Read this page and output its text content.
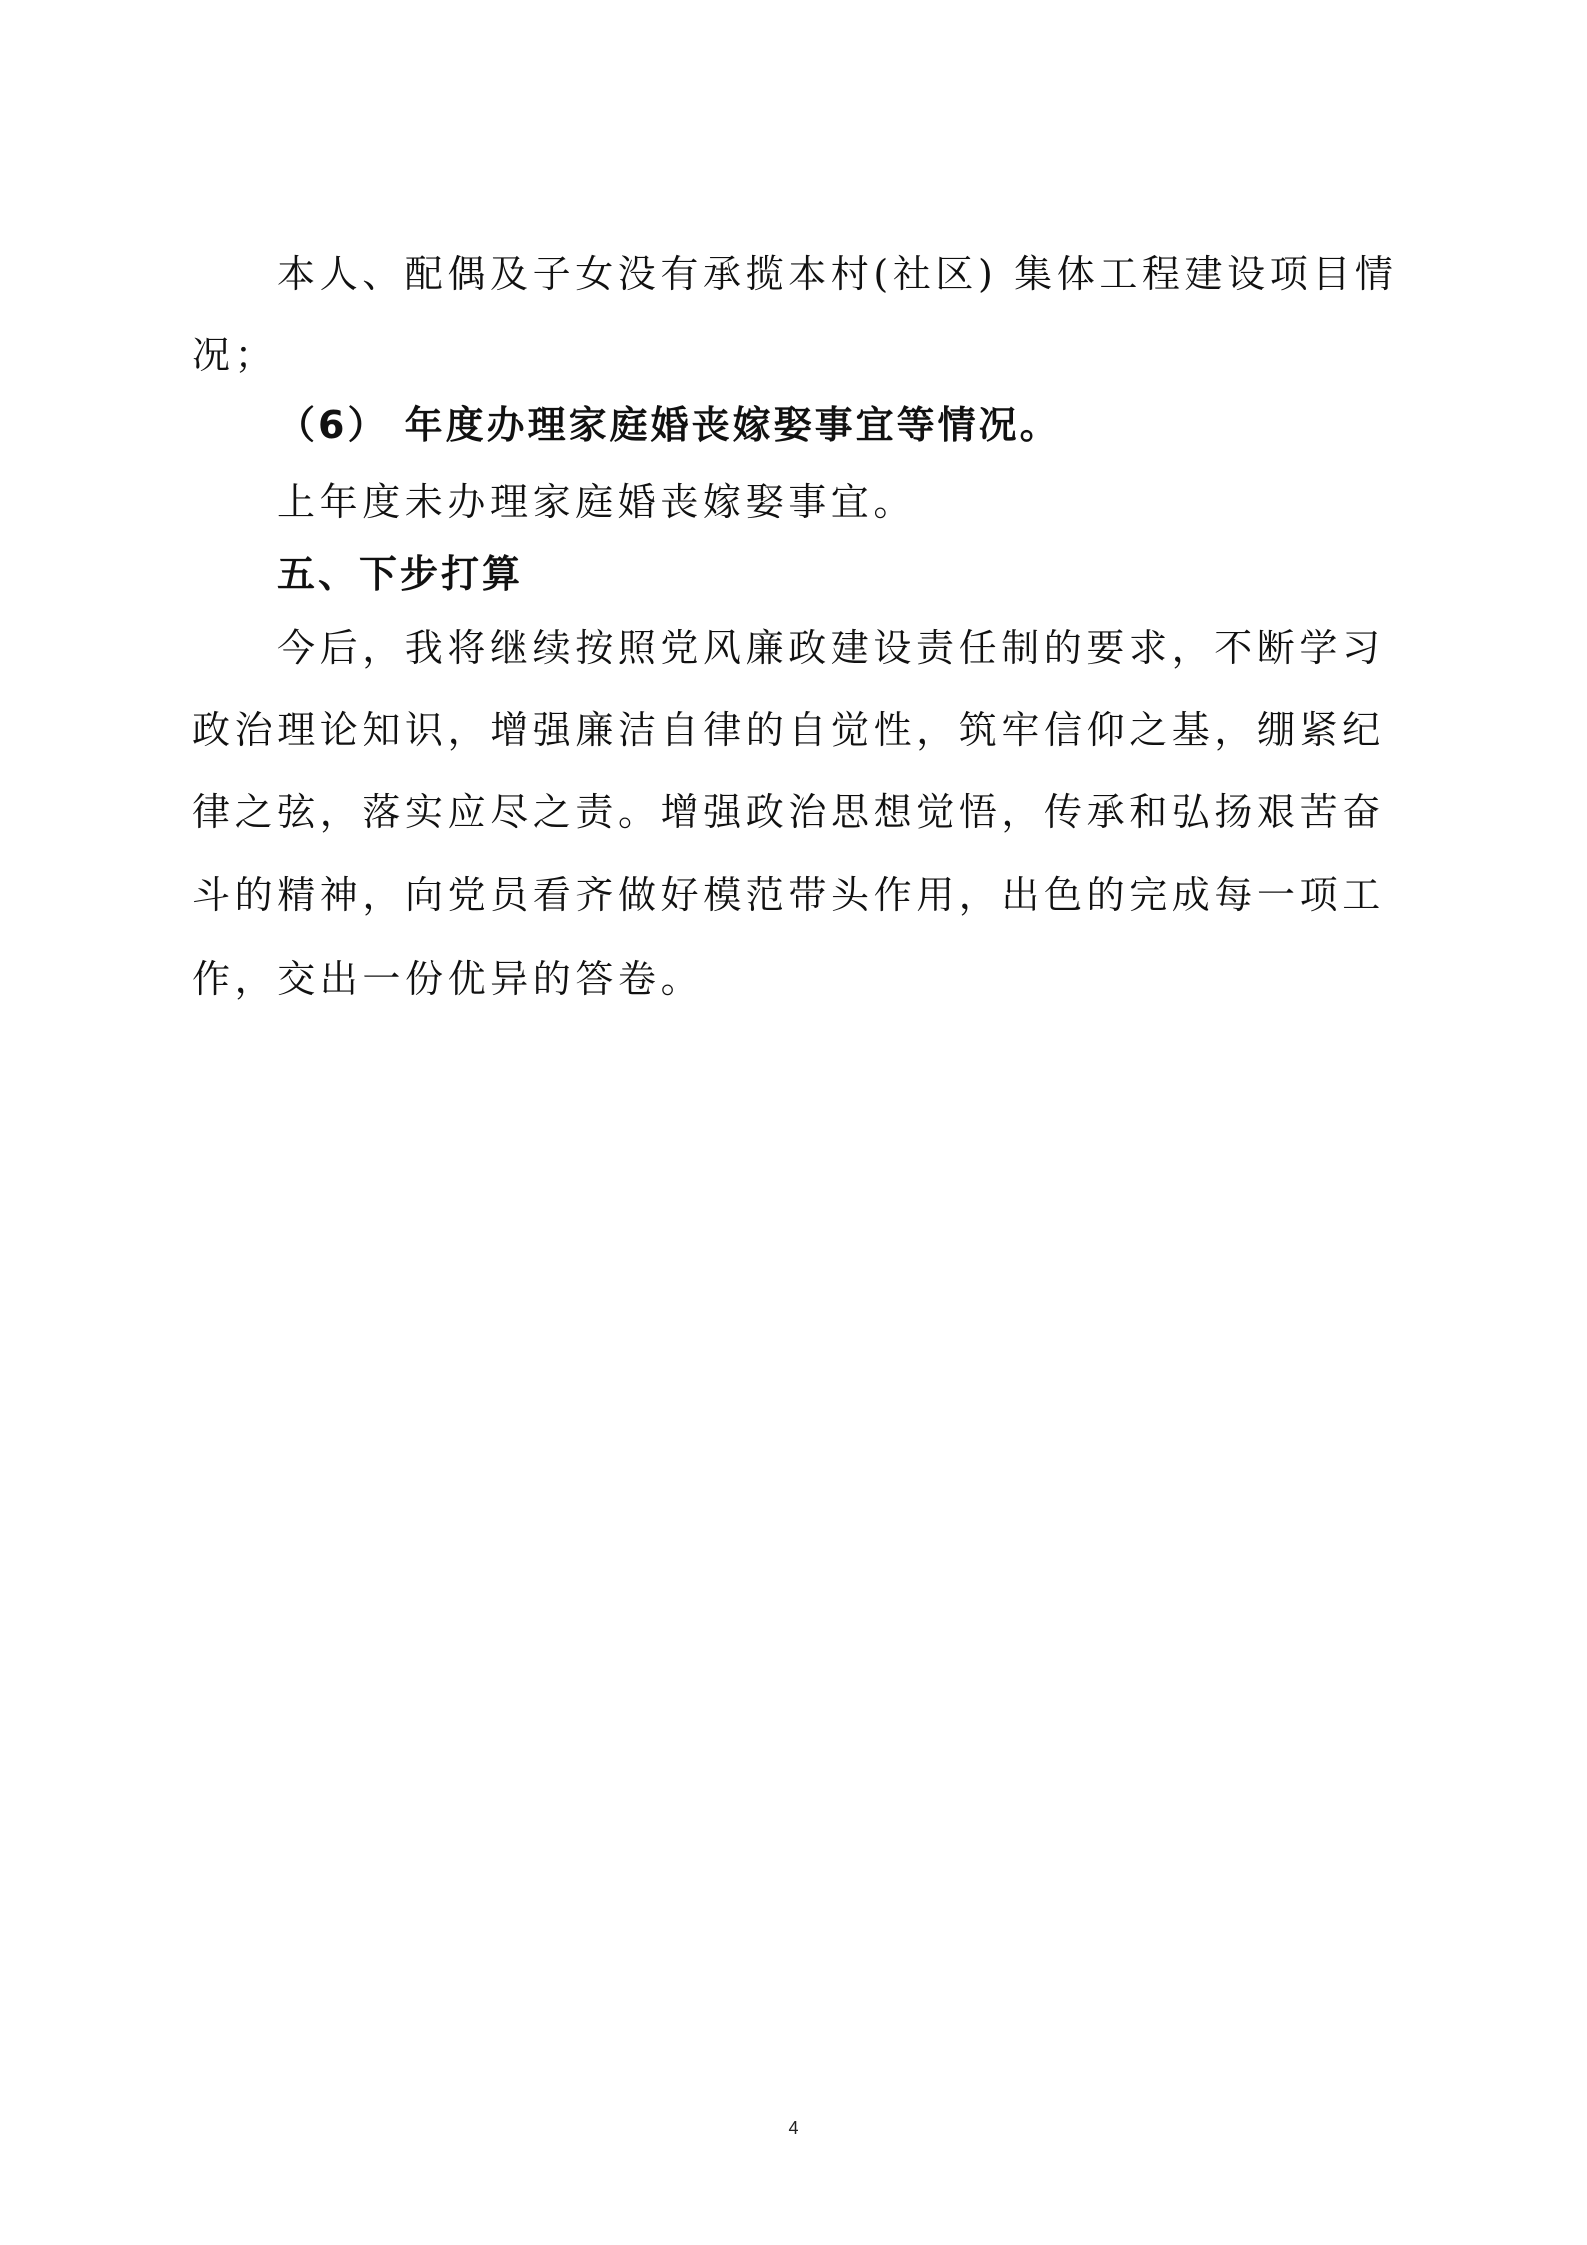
本人、配偶及子女没有承揽本村(社区) 集体工程建设项目情

况；

（6） 年度办理家庭婚丧嫁娶事宜等情况。

上年度未办理家庭婚丧嫁娶事宜。

五、下步打算

今后，我将继续按照党风廉政建设责任制的要求，不断学习

政治理论知识，增强廉洁自律的自觉性，筑牢信仰之基，绷紧纪

律之弦，落实应尽之责。增强政治思想觉悟，传承和弘扬艰苦奋

斗的精神，向党员看齐做好模范带头作用，出色的完成每一项工

作，交出一份优异的答卷。

4
